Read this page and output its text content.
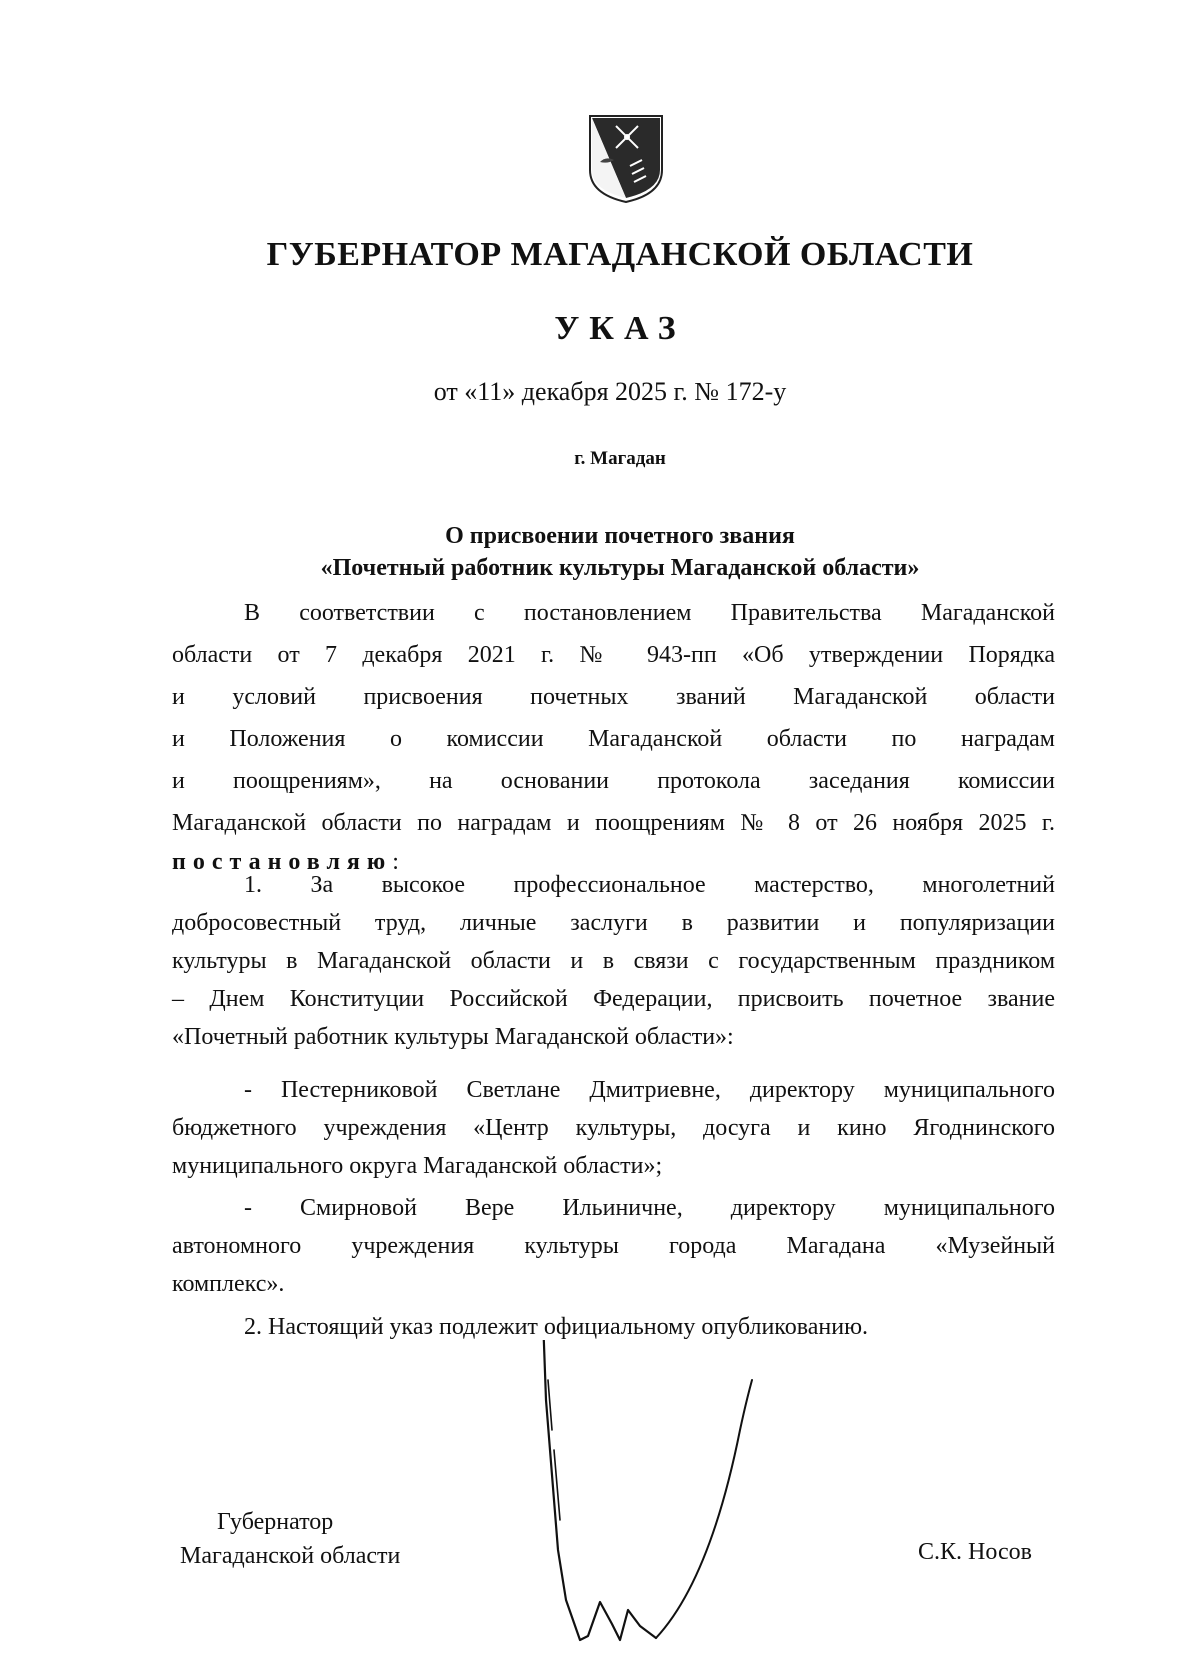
ГУБЕРНАТОР МАГАДАНСКОЙ ОБЛАСТИ
УКАЗ
от «11» декабря 2025 г. № 172-у
г. Магадан
О присвоении почетного звания
«Почетный работник культуры Магаданской области»

В соответствии с постановлением Правительства Магаданской

области от 7 декабря 2021 г. № 943-пп «Об утверждении Порядка

и условий присвоения почетных званий Магаданской области

и Положения о комиссии Магаданской области по наградам

и поощрениям», на основании протокола заседания комиссии

Магаданской области по наградам и поощрениям № 8 от 26 ноября 2025 г.

постановляю:

1. За высокое профессиональное мастерство, многолетний

добросовестный труд, личные заслуги в развитии и популяризации

культуры в Магаданской области и в связи с государственным праздником

– Днем Конституции Российской Федерации, присвоить почетное звание

«Почетный работник культуры Магаданской области»:

- Пестерниковой Светлане Дмитриевне, директору муниципального

бюджетного учреждения «Центр культуры, досуга и кино Ягоднинского

муниципального округа Магаданской области»;

- Смирновой Вере Ильиничне, директору муниципального

автономного учреждения культуры города Магадана «Музейный

комплекс».

2. Настоящий указ подлежит официальному опубликованию.

Губернатор
Магаданской области	С.К. Носов
